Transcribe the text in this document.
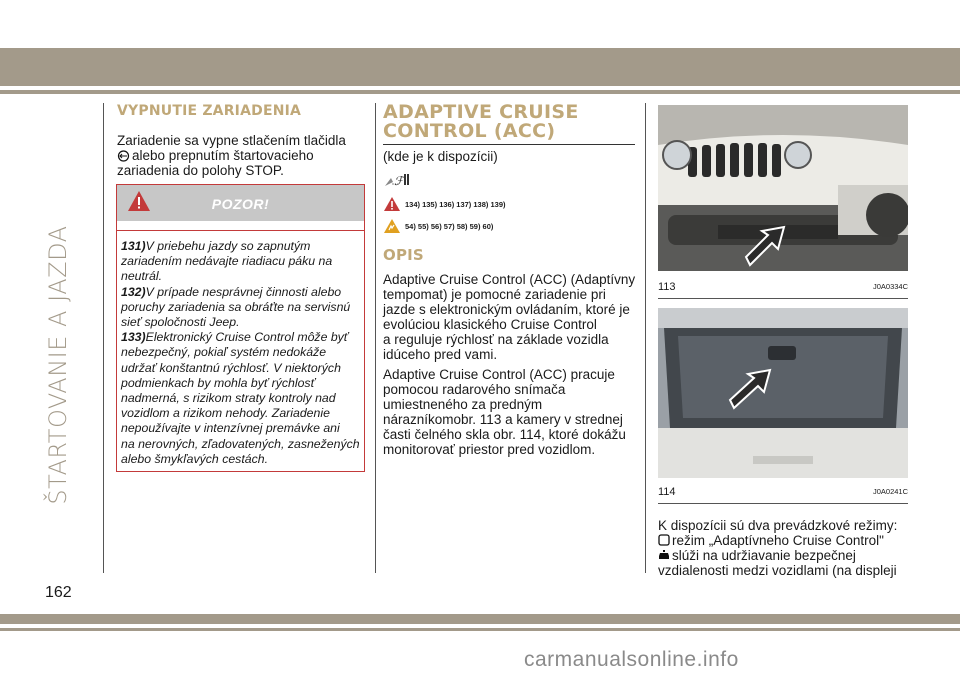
ŠTARTOVANIE A JAZDA
VYPNUTIE ZARIADENIA

Zariadenie sa vypne stlačením tlačidla

alebo prepnutím štartovacieho

zariadenia do polohy STOP.

POZOR!
131)V priebehu jazdy so zapnutým
zariadením nedávajte riadiacu páku na
neutrál.
132)V prípade nesprávnej činnosti alebo
poruchy zariadenia sa obráťte na servisnú
sieť spoločnosti Jeep.
133)Elektronický Cruise Control môže byť
nebezpečný, pokiaľ systém nedokáže
udržať konštantnú rýchlosť. V niektorých
podmienkach by mohla byť rýchlosť
nadmerná, s rizikom straty kontroly nad
vozidlom a rizikom nehody. Zariadenie
nepoužívajte v intenzívnej premávke ani
na nerovných, zľadovatených, zasnežených
alebo šmykľavých cestách.
ADAPTIVE CRUISE
CONTROL (ACC)

(kde je k dispozícii)

ℱ
134) 135) 136) 137) 138) 139)
54) 55) 56) 57) 58) 59) 60)
OPIS

Adaptive Cruise Control (ACC) (Adaptívny

tempomat) je pomocné zariadenie pri

jazde s elektronickým ovládaním, ktoré je

evolúciou klasického Cruise Control

a reguluje rýchlosť na základe vozidla

idúceho pred vami.

Adaptive Cruise Control (ACC) pracuje

pomocou radarového snímača

umiestneného za predným

nárazníkomobr. 113 a kamery v strednej

časti čelného skla obr. 114, ktoré dokážu

monitorovať priestor pred vozidlom.

113	J0A0334C
114	J0A0241C
K dispozícii sú dva prevádzkové režimy:
režim „Adaptívneho Cruise Control"
slúži na udržiavanie bezpečnej
vzdialenosti medzi vozidlami (na displeji
162
carmanualsonline.info
